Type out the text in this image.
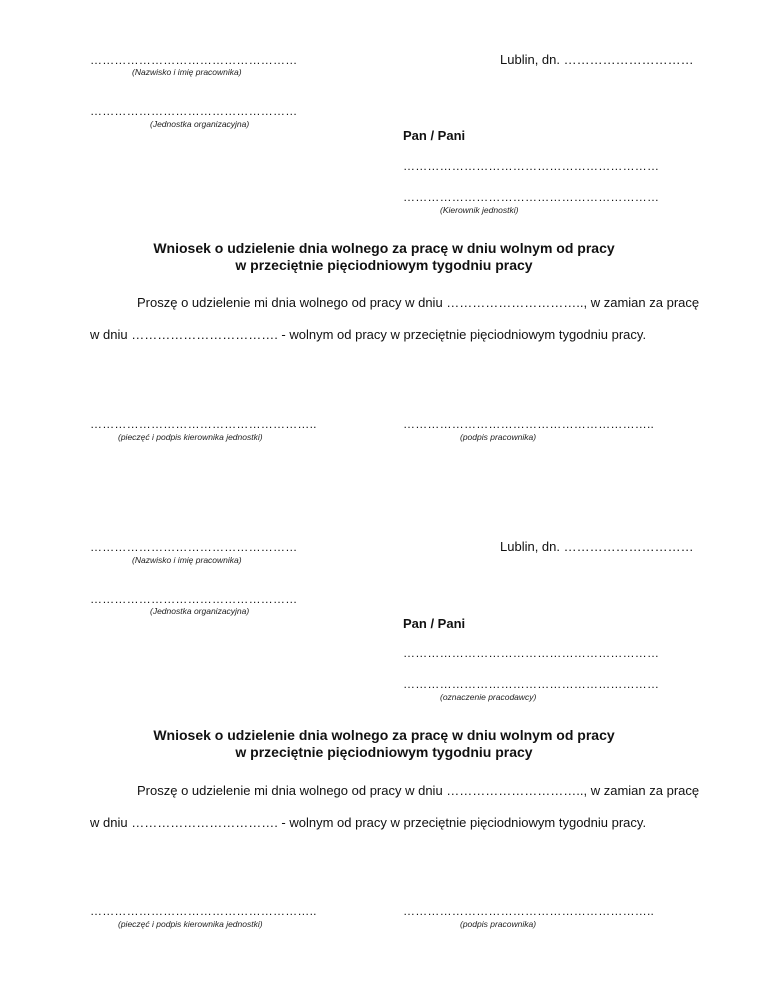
……………………………………………
(Nazwisko i imię pracownika)
Lublin, dn. …………………………
……………………………………………
(Jednostka organizacyjna)
Pan / Pani
………………………………………………………
………………………………………………………
(Kierownik jednostki)
Wniosek o udzielenie dnia wolnego za pracę w dniu wolnym od pracy
w przeciętnie pięciodniowym tygodniu pracy
Proszę o udzielenie mi dnia wolnego od pracy w dniu ………………………….., w zamian za pracę
w dniu ……………………………. - wolnym od pracy w przeciętnie pięciodniowym tygodniu pracy.
………………………………………………..
(pieczęć i podpis kierownika jednostki)
……………………………………………………..
(podpis pracownika)
……………………………………………
(Nazwisko i imię pracownika)
Lublin, dn. …………………………
……………………………………………
(Jednostka organizacyjna)
Pan / Pani
………………………………………………………
………………………………………………………
(oznaczenie pracodawcy)
Wniosek o udzielenie dnia wolnego za pracę w dniu wolnym od pracy
w przeciętnie pięciodniowym tygodniu pracy
Proszę o udzielenie mi dnia wolnego od pracy w dniu ………………………….., w zamian za pracę
w dniu ……………………………. - wolnym od pracy w przeciętnie pięciodniowym tygodniu pracy.
………………………………………………..
(pieczęć i podpis kierownika jednostki)
……………………………………………………..
(podpis pracownika)
